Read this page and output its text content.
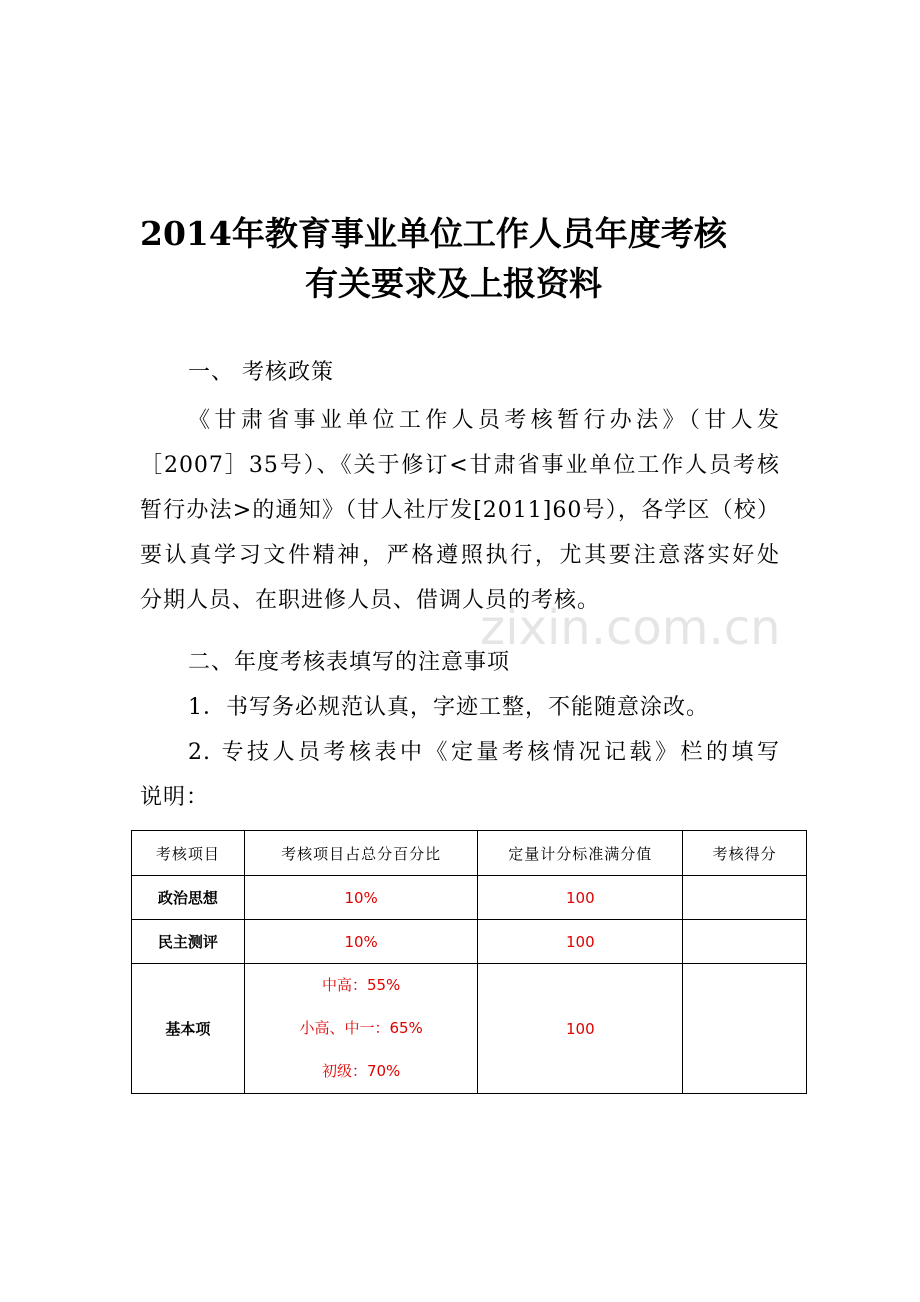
2014年教育事业单位工作人员年度考核
有关要求及上报资料
一、 考核政策
《甘肃省事业单位工作人员考核暂行办法》（甘人发
［2007］35号）、《关于修订<甘肃省事业单位工作人员考核
暂行办法>的通知》（甘人社厅发[2011]60号），各学区（校）
要认真学习文件精神，严格遵照执行，尤其要注意落实好处
分期人员、在职进修人员、借调人员的考核。
二、年度考核表填写的注意事项
1．书写务必规范认真，字迹工整，不能随意涂改。
2. 专技人员考核表中《定量考核情况记载》栏的填写
说明：
zixin.com.cn
考核项目	考核项目占总分百分比	定量计分标准满分值	考核得分
政治思想	10%	100	
民主测评	10%	100	
基本项	中高：55%
小高、中一：65%
初级：70%	100	
